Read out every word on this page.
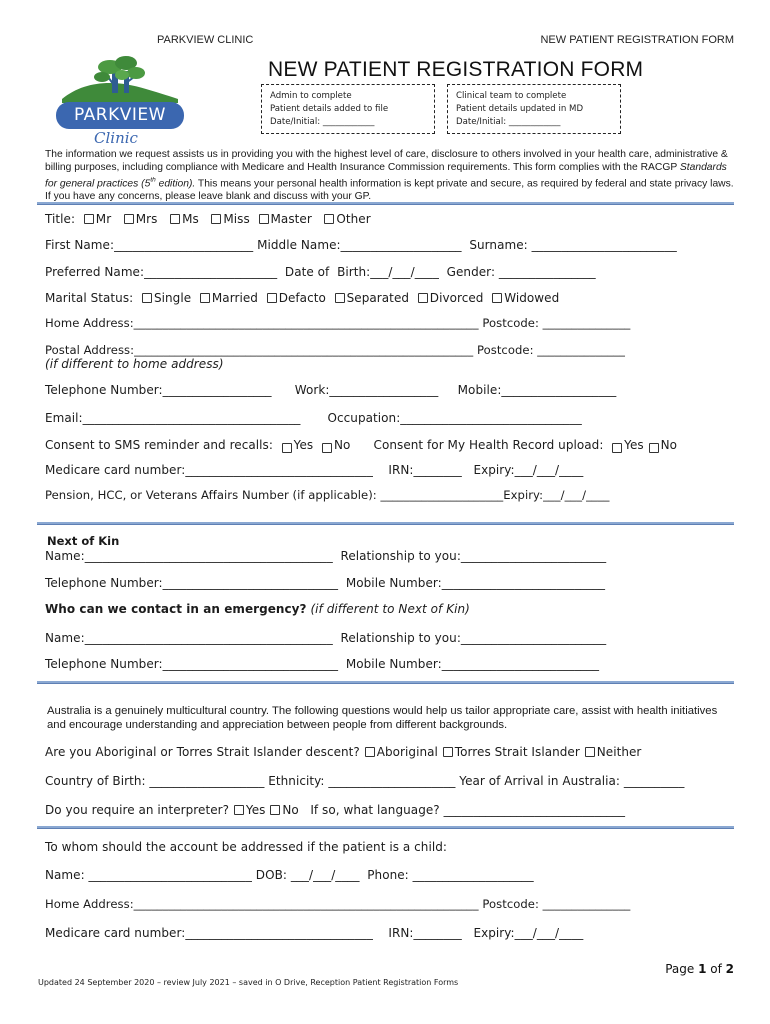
PARKVIEW CLINIC	NEW PATIENT REGISTRATION FORM
PARKVIEW
Clinic
NEW PATIENT REGISTRATION FORM
Admin to complete
Patient details added to file
Date/Initial: ____________
Clinical team to complete
Patient details updated in MD
Date/Initial: ____________
The information we request assists us in providing you with the highest level of care, disclosure to others involved in your health care, administrative & billing purposes, including compliance with Medicare and Health Insurance Commission requirements. This form complies with the RACGP Standards for general practices (5th edition). This means your personal health information is kept private and secure, as required by federal and state privacy laws. If you have any concerns, please leave blank and discuss with your GP.
Title: Mr Mrs Ms Miss Master Other
First Name:_______________________ Middle Name:____________________ Surname: ________________________
Preferred Name:______________________ Date of  Birth:___/___/____ Gender: ________________
Marital Status: Single Married Defacto Separated Divorced Widowed
Home Address:___________________________________________________________ Postcode: _______________
Postal Address:__________________________________________________________ Postcode: _______________
(if different to home address)
Telephone Number:__________________ Work:__________________ Mobile:___________________
Email:____________________________________ Occupation:______________________________
Consent to SMS reminder and recalls: Yes No Consent for My Health Record upload: Yes No
Medicare card number:_______________________________ IRN:________ Expiry:___/___/____
Pension, HCC, or Veterans Affairs Number (if applicable): _____________________Expiry:___/___/____
Next of Kin
Name:_________________________________________ Relationship to you:________________________
Telephone Number:_____________________________ Mobile Number:___________________________
Who can we contact in an emergency? (if different to Next of Kin)
Name:_________________________________________ Relationship to you:________________________
Telephone Number:_____________________________ Mobile Number:__________________________
Australia is a genuinely multicultural country. The following questions would help us tailor appropriate care, assist with health initiatives and encourage understanding and appreciation between people from different backgrounds.
Are you Aboriginal or Torres Strait Islander descent? Aboriginal Torres Strait Islander Neither
Country of Birth: ___________________ Ethnicity: _____________________ Year of Arrival in Australia: __________
Do you require an interpreter? Yes No If so, what language? ______________________________
To whom should the account be addressed if the patient is a child:
Name: ___________________________ DOB: ___/___/____ Phone: ____________________
Home Address:___________________________________________________________ Postcode: _______________
Medicare card number:_______________________________ IRN:________ Expiry:___/___/____
Page 1 of 2
Updated 24 September 2020 – review July 2021 – saved in O Drive, Reception Patient Registration Forms
